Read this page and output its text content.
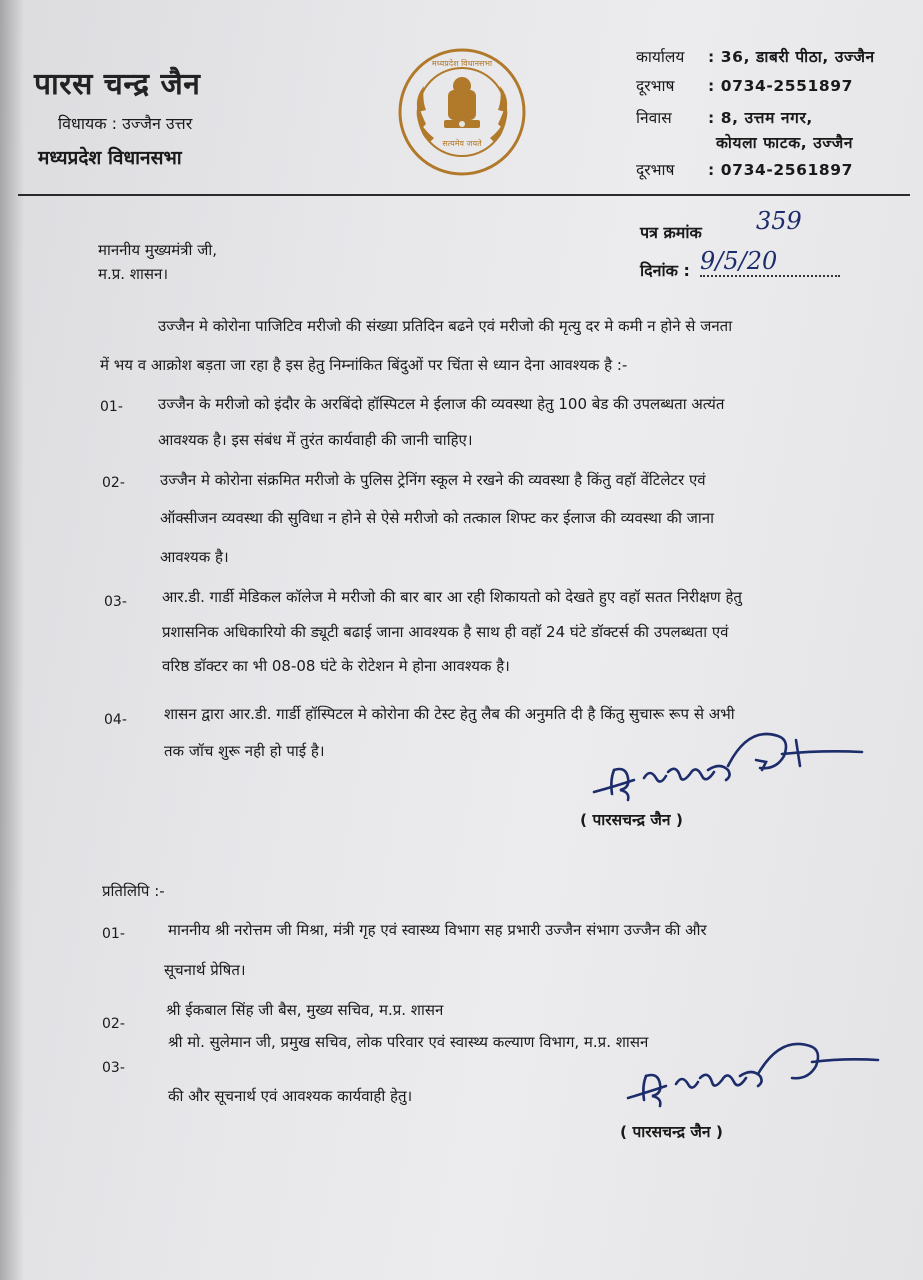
पारस चन्द्र जैन
विधायक : उज्जैन उत्तर
मध्यप्रदेश विधानसभा
सत्यमेव जयते
मध्यप्रदेश विधानसभा	कार्यालय : 36, डाबरी पीठा, उज्जैन
दूरभाष : 0734-2551897
निवास : 8, उत्तम नगर,
कोयला फाटक, उज्जैन
दूरभाष : 0734-2561897
पत्र क्रमांक 359
दिनांक : 9/5/20
माननीय मुख्यमंत्री जी,
म.प्र. शासन।
उज्जैन मे कोरोना पाजिटिव मरीजो की संख्या प्रतिदिन बढने एवं मरीजो की मृत्यु दर मे कमी न होने से जनता
में भय व आक्रोश बड़ता जा रहा है इस हेतु निम्नांकित बिंदुओं पर चिंता से ध्यान देना आवश्यक है :-
01- उज्जैन के मरीजो को इंदौर के अरबिंदो हॉस्पिटल मे ईलाज की व्यवस्था हेतु 100 बेड की उपलब्धता अत्यंत
आवश्यक है। इस संबंध में तुरंत कार्यवाही की जानी चाहिए।
02- उज्जैन मे कोरोना संक्रमित मरीजो के पुलिस ट्रेनिंग स्कूल मे रखने की व्यवस्था है किंतु वहॉ वेंटिलेटर एवं
ऑक्सीजन व्यवस्था की सुविधा न होने से ऐसे मरीजो को तत्काल शिफ्ट कर ईलाज की व्यवस्था की जाना
आवश्यक है।
03- आर.डी. गार्डी मेडिकल कॉलेज मे मरीजो की बार बार आ रही शिकायतो को देखते हुए वहॉ सतत निरीक्षण हेतु
प्रशासनिक अधिकारियो की ड्यूटी बढाई जाना आवश्यक है साथ ही वहॉ 24 घंटे डॉक्टर्स की उपलब्धता एवं
वरिष्ठ डॉक्टर का भी 08-08 घंटे के रोटेशन मे होना आवश्यक है।
04- शासन द्वारा आर.डी. गार्डी हॉस्पिटल मे कोरोना की टेस्ट हेतु लैब की अनुमति दी है किंतु सुचारू रूप से अभी
तक जॉच शुरू नही हो पाई है।
( पारसचन्द्र जैन )
प्रतिलिपि :-
01-	माननीय श्री नरोत्तम जी मिश्रा, मंत्री गृह एवं स्वास्थ्य विभाग सह प्रभारी उज्जैन संभाग उज्जैन की और
सूचनार्थ प्रेषित।
02-
श्री ईकबाल सिंह जी बैस, मुख्य सचिव, म.प्र. शासन
03-
श्री मो. सुलेमान जी, प्रमुख सचिव, लोक परिवार एवं स्वास्थ्य कल्याण विभाग, म.प्र. शासन
की और सूचनार्थ एवं आवश्यक कार्यवाही हेतु।
( पारसचन्द्र जैन )
